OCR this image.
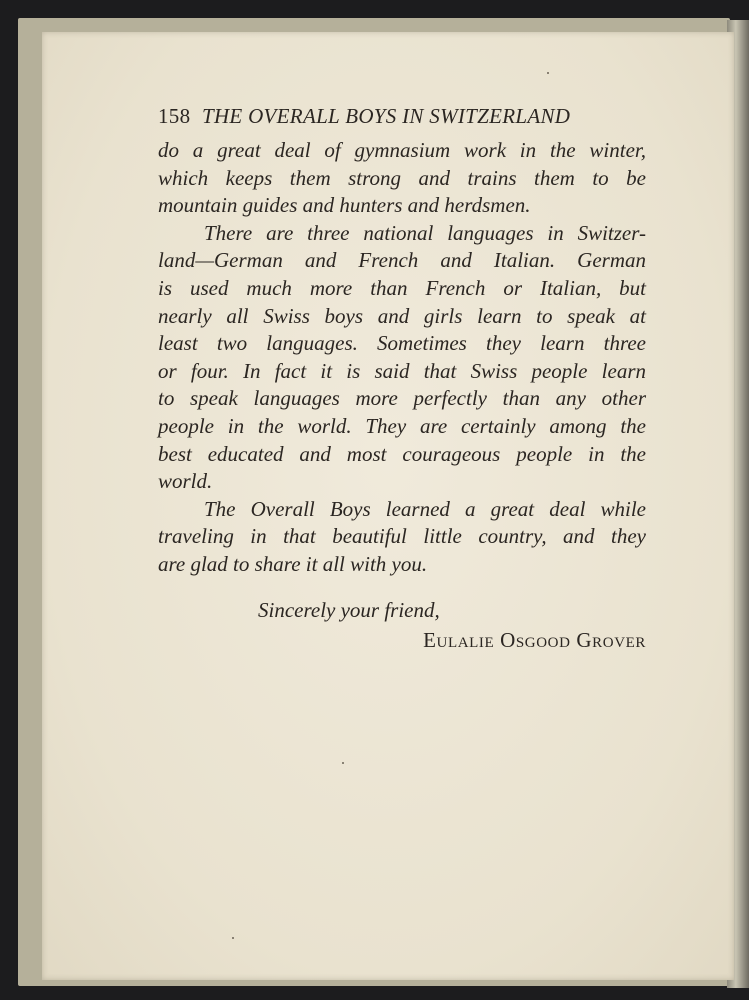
158 THE OVERALL BOYS IN SWITZERLAND
do a great deal of gymnasium work in the winter,
which keeps them strong and trains them to be
mountain guides and hunters and herdsmen.
There are three national languages in Switzer-
land—German and French and Italian. German
is used much more than French or Italian, but
nearly all Swiss boys and girls learn to speak at
least two languages. Sometimes they learn three
or four. In fact it is said that Swiss people learn
to speak languages more perfectly than any other
people in the world. They are certainly among the
best educated and most courageous people in the
world.
The Overall Boys learned a great deal while
traveling in that beautiful little country, and they
are glad to share it all with you.
Sincerely your friend,
Eulalie Osgood Grover
